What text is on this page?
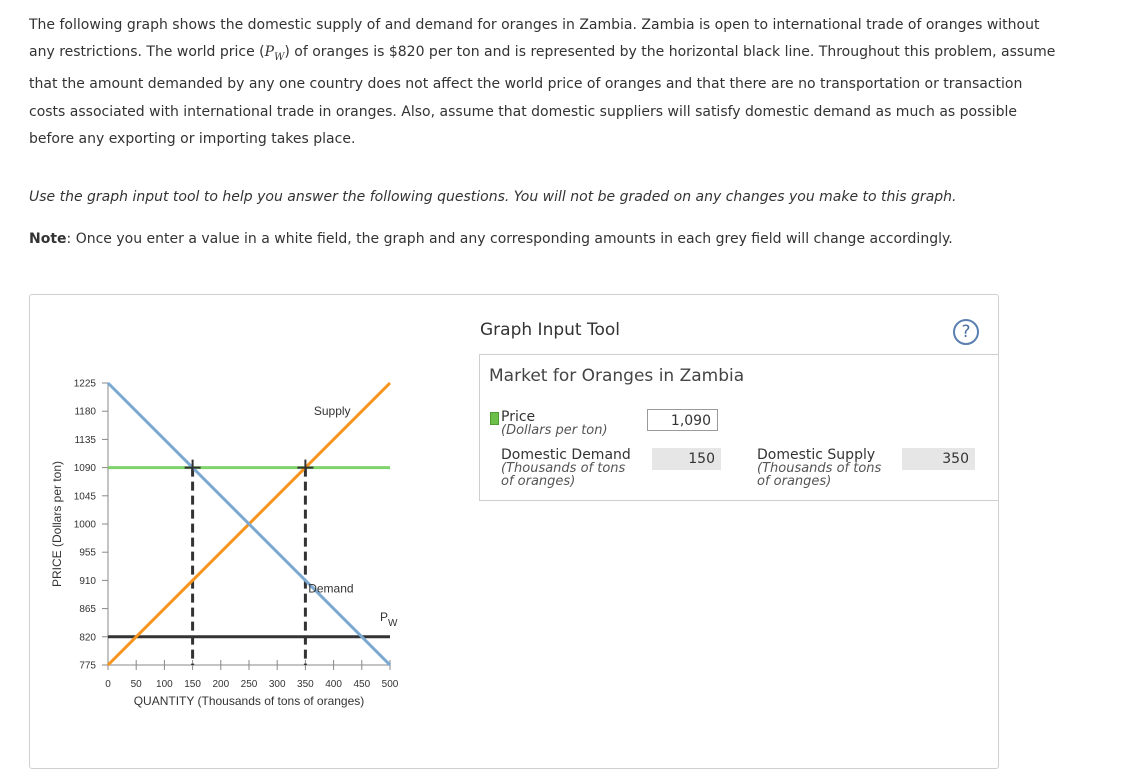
The following graph shows the domestic supply of and demand for oranges in Zambia. Zambia is open to international trade of oranges without any restrictions. The world price $(P_W)$ of oranges is $820 per ton and is represented by the horizontal black line. Throughout this problem, assume that the amount demanded by any one country does not affect the world price of oranges and that there are no transportation or transaction costs associated with international trade in oranges. Also, assume that domestic suppliers will satisfy domestic demand as much as possible before any exporting or importing takes place.
Use the graph input tool to help you answer the following questions. You will not be graded on any changes you make to this graph.
Note: Once you enter a value in a white field, the graph and any corresponding amounts in each grey field will change accordingly.
775
820
865
910
955
1000
1045
1090
1135
1180
1225
0 50 100 150 200 250 300 350 400 450 500
QUANTITY (Thousands of tons of oranges)
PRICE (Dollars per ton)
$P_W$
Supply
Demand
Graph Input Tool	?
Market for Oranges in Zambia
Price
(Dollars per ton)
1,090
Domestic Demand
(Thousands of tons
of oranges)
150	Domestic Supply
(Thousands of tons
of oranges)
350
